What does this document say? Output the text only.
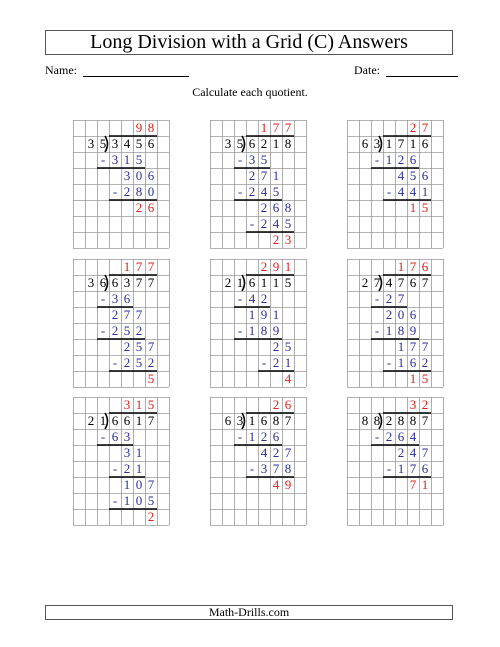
Long Division with a Grid (C) Answers
Name:	Date:
Calculate each quotient.
9 8
3 5 3 4 5 6
- 3 1 5
3 0 6
- 2 8 0
2 6
1 7 7
3 5 6 2 1 8
- 3 5
2 7 1
- 2 4 5
2 6 8
- 2 4 5
2 3
2 7
6 3 1 7 1 6
- 1 2 6
4 5 6
- 4 4 1
1 5
1 7 7
3 6 6 3 7 7
- 3 6
2 7 7
- 2 5 2
2 5 7
- 2 5 2
5
2 9 1
2 1 6 1 1 5
- 4 2
1 9 1
- 1 8 9
2 5
- 2 1
4
1 7 6
2 7 4 7 6 7
- 2 7
2 0 6
- 1 8 9
1 7 7
- 1 6 2
1 5
3 1 5
2 1 6 6 1 7
- 6 3
3 1
- 2 1
1 0 7
- 1 0 5
2
2 6
6 3 1 6 8 7
- 1 2 6
4 2 7
- 3 7 8
4 9
3 2
8 8 2 8 8 7
- 2 6 4
2 4 7
- 1 7 6
7 1
Math-Drills.com
